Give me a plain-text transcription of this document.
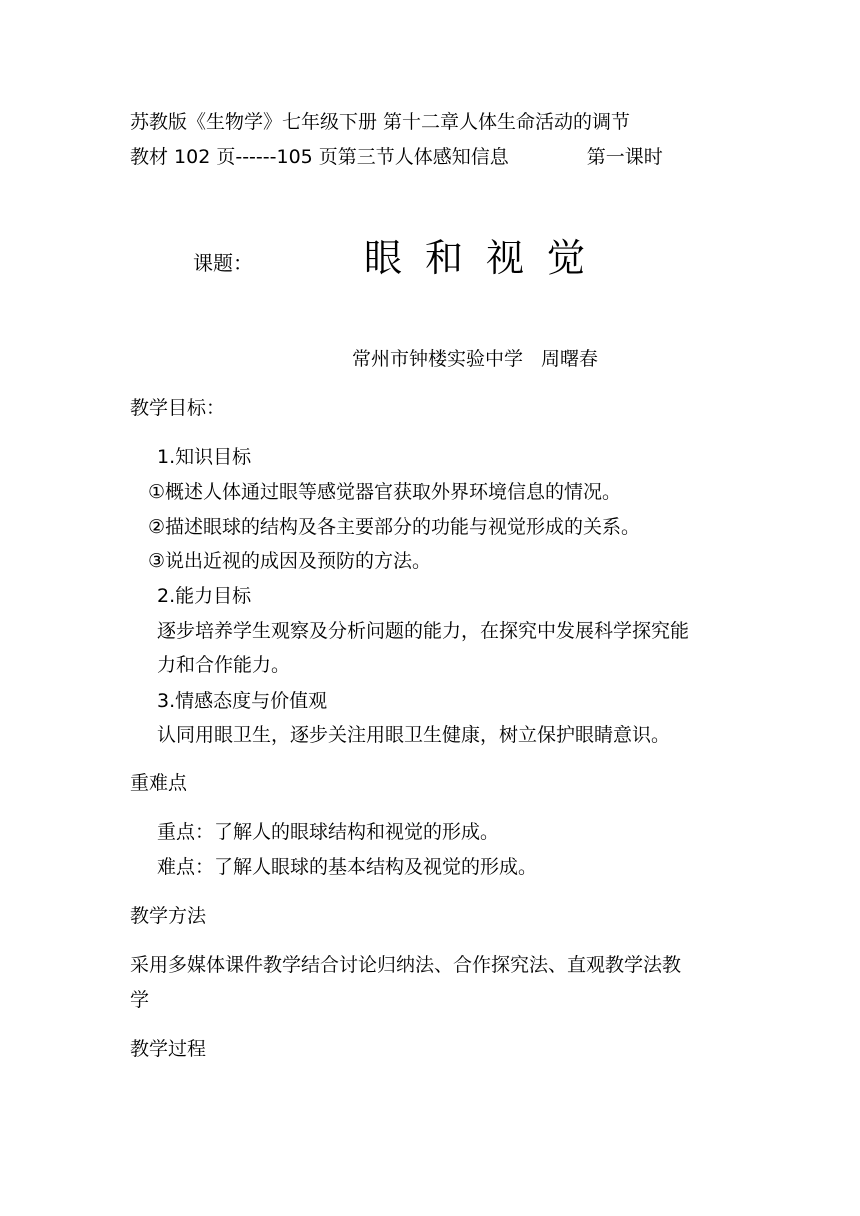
苏教版《生物学》七年级下册 第十二章人体生命活动的调节
教材 102 页------105 页第三节人体感知信息	第一课时
课题：	眼和视觉
常州市钟楼实验中学 周曙春
教学目标：
1.知识目标
①概述人体通过眼等感觉器官获取外界环境信息的情况。
②描述眼球的结构及各主要部分的功能与视觉形成的关系。
③说出近视的成因及预防的方法。
2.能力目标
逐步培养学生观察及分析问题的能力，在探究中发展科学探究能
力和合作能力。
3.情感态度与价值观
认同用眼卫生，逐步关注用眼卫生健康，树立保护眼睛意识。
重难点
重点：了解人的眼球结构和视觉的形成。
难点：了解人眼球的基本结构及视觉的形成。
教学方法
采用多媒体课件教学结合讨论归纳法、合作探究法、直观教学法教
学
教学过程
